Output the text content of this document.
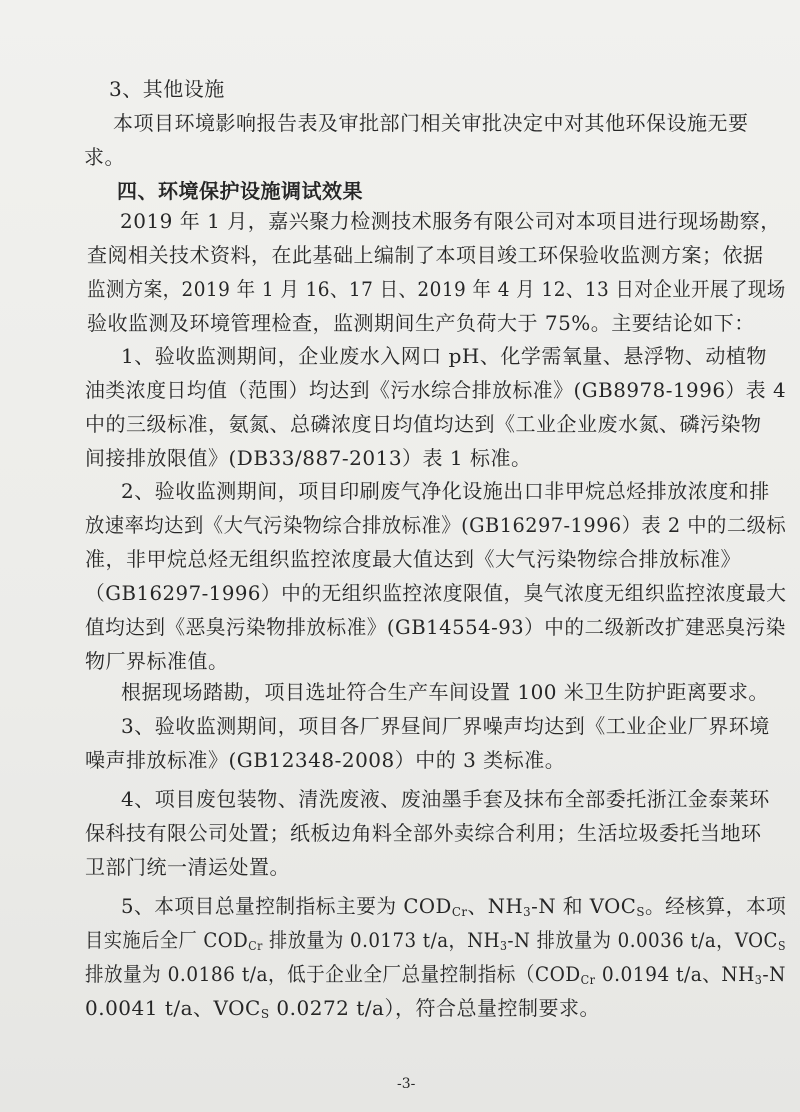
3、其他设施
本项目环境影响报告表及审批部门相关审批决定中对其他环保设施无要
求。
四、环境保护设施调试效果
2019 年 1 月，嘉兴聚力检测技术服务有限公司对本项目进行现场勘察，
查阅相关技术资料，在此基础上编制了本项目竣工环保验收监测方案；依据
监测方案，2019 年 1 月 16、17 日、2019 年 4 月 12、13 日对企业开展了现场
验收监测及环境管理检查，监测期间生产负荷大于 75%。主要结论如下：
1、验收监测期间，企业废水入网口 pH、化学需氧量、悬浮物、动植物
油类浓度日均值（范围）均达到《污水综合排放标准》(GB8978-1996）表 4
中的三级标准，氨氮、总磷浓度日均值均达到《工业企业废水氮、磷污染物
间接排放限值》(DB33/887-2013）表 1 标准。
2、验收监测期间，项目印刷废气净化设施出口非甲烷总烃排放浓度和排
放速率均达到《大气污染物综合排放标准》(GB16297-1996）表 2 中的二级标
准，非甲烷总烃无组织监控浓度最大值达到《大气污染物综合排放标准》
（GB16297-1996）中的无组织监控浓度限值，臭气浓度无组织监控浓度最大
值均达到《恶臭污染物排放标准》(GB14554-93）中的二级新改扩建恶臭污染
物厂界标准值。
根据现场踏勘，项目选址符合生产车间设置 100 米卫生防护距离要求。
3、验收监测期间，项目各厂界昼间厂界噪声均达到《工业企业厂界环境
噪声排放标准》(GB12348-2008）中的 3 类标准。
4、项目废包装物、清洗废液、废油墨手套及抹布全部委托浙江金泰莱环
保科技有限公司处置；纸板边角料全部外卖综合利用；生活垃圾委托当地环
卫部门统一清运处置。
5、本项目总量控制指标主要为 $COD_{Cr}$、$NH_3-N$ 和 $VOC_S$。经核算，本项
目实施后全厂 $COD_{Cr}$ 排放量为 0.0173 t/a，$NH_3-N$ 排放量为 0.0036 t/a，$VOC_S$
排放量为 0.0186 t/a，低于企业全厂总量控制指标（$COD_{Cr}$ 0.0194 t/a、$NH_3-N$
0.0041 t/a、$VOC_S$ 0.0272 t/a），符合总量控制要求。
-3-
